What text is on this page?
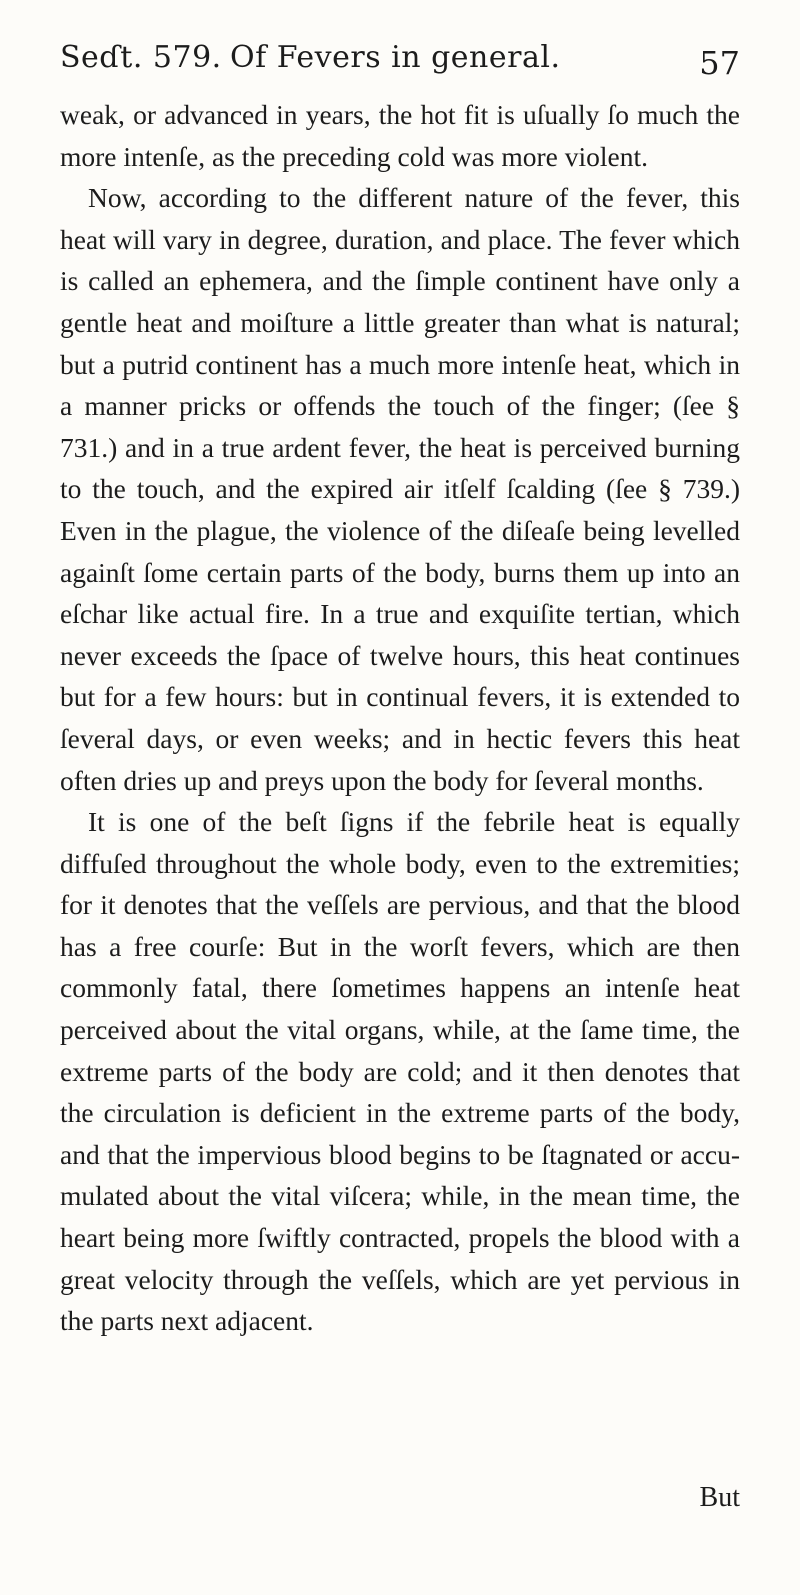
Seɗt. 579. Of Fevers in general.	57

weak, or advanced in years, the hot fit is uſually ſo much the more intenſe, as the preceding cold was more violent.

Now, according to the different nature of the fever, this heat will vary in degree, duration, and place. The fever which is called an ephemera, and the ſimple continent have only a gentle heat and moiſture a little greater than what is natural; but a putrid continent has a much more intenſe heat, which in a manner pricks or offends the touch of the finger; (ſee § 731.) and in a true ardent fever, the heat is perceived burning to the touch, and the expired air itſelf ſcalding (ſee § 739.) Even in the plague, the violence of the diſeaſe being levelled againſt ſome certain parts of the body, burns them up into an eſchar like actual fire. In a true and exquiſite tertian, which never exceeds the ſpace of twelve hours, this heat continues but for a few hours: but in continual fevers, it is extended to ſeveral days, or even weeks; and in hectic fevers this heat often dries up and preys upon the body for ſeveral months.

It is one of the beſt ſigns if the febrile heat is equally diffuſed throughout the whole body, even to the extremities; for it denotes that the veſſels are pervious, and that the blood has a free courſe: But in the worſt fevers, which are then commonly fatal, there ſometimes happens an intenſe heat perceived about the vital organs, while, at the ſame time, the extreme parts of the body are cold; and it then denotes that the circulation is deficient in the extreme parts of the body, and that the impervious blood begins to be ſtagnated or accumulated about the vital viſcera; while, in the mean time, the heart being more ſwiftly contracted, propels the blood with a great velocity through the veſſels, which are yet pervious in the parts next adjacent.

But
